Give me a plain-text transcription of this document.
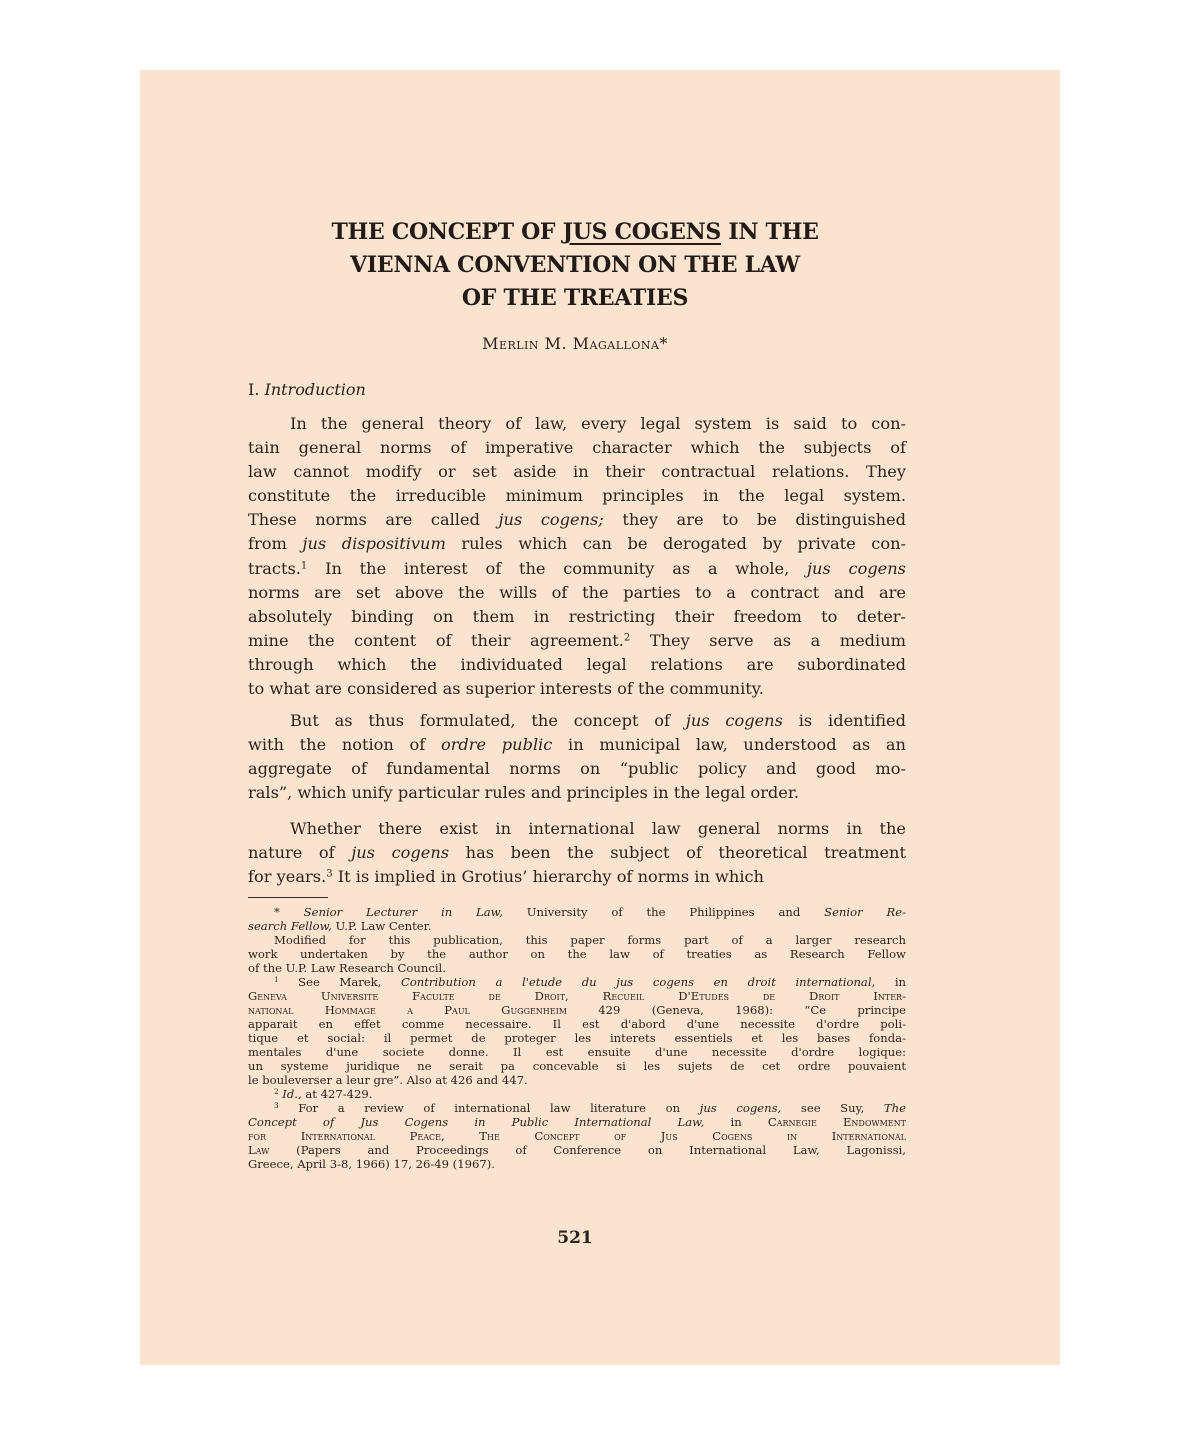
THE CONCEPT OF JUS COGENS IN THE
VIENNA CONVENTION ON THE LAW
OF THE TREATIES
Merlin M. Magallona*
I. Introduction
In the general theory of law, every legal system is said to con-
tain general norms of imperative character which the subjects of
law cannot modify or set aside in their contractual relations. They
constitute the irreducible minimum principles in the legal system.
These norms are called jus cogens; they are to be distinguished
from jus dispositivum rules which can be derogated by private con-
tracts.$^1$ In the interest of the community as a whole, jus cogens
norms are set above the wills of the parties to a contract and are
absolutely binding on them in restricting their freedom to deter-
mine the content of their agreement.$^2$ They serve as a medium
through which the individuated legal relations are subordinated
to what are considered as superior interests of the community.
But as thus formulated, the concept of jus cogens is identified
with the notion of ordre public in municipal law, understood as an
aggregate of fundamental norms on “public policy and good mo-
rals”, which unify particular rules and principles in the legal order.
Whether there exist in international law general norms in the
nature of jus cogens has been the subject of theoretical treatment
for years.$^3$ It is implied in Grotius’ hierarchy of norms in which
* Senior Lecturer in Law, University of the Philippines and Senior Re-
search Fellow, U.P. Law Center.
Modified for this publication, this paper forms part of a larger research
work undertaken by the author on the law of treaties as Research Fellow
of the U.P. Law Research Council.
$^1$ See Marek, Contribution a l'etude du jus cogens en droit international, in
Geneva Universite Faculte de Droit, Recueil D'Etudes de Droit Inter-
national Hommage a Paul Guggenheim 429 (Geneva, 1968): “Ce principe
apparait en effet comme necessaire. Il est d'abord d'une necessite d'ordre poli-
tique et social: il permet de proteger les interets essentiels et les bases fonda-
mentales d'une societe donne. Il est ensuite d'une necessite d'ordre logique:
un systeme juridique ne serait pa concevable si les sujets de cet ordre pouvaient
le bouleverser a leur gre”. Also at 426 and 447.
$^2$ Id., at 427-429.
$^3$ For a review of international law literature on jus cogens, see Suy, The
Concept of Jus Cogens in Public International Law, in Carnegie Endowment
for International Peace, The Concept of Jus Cogens in International
Law (Papers and Proceedings of Conference on International Law, Lagonissi,
Greece, April 3-8, 1966) 17, 26-49 (1967).
521
